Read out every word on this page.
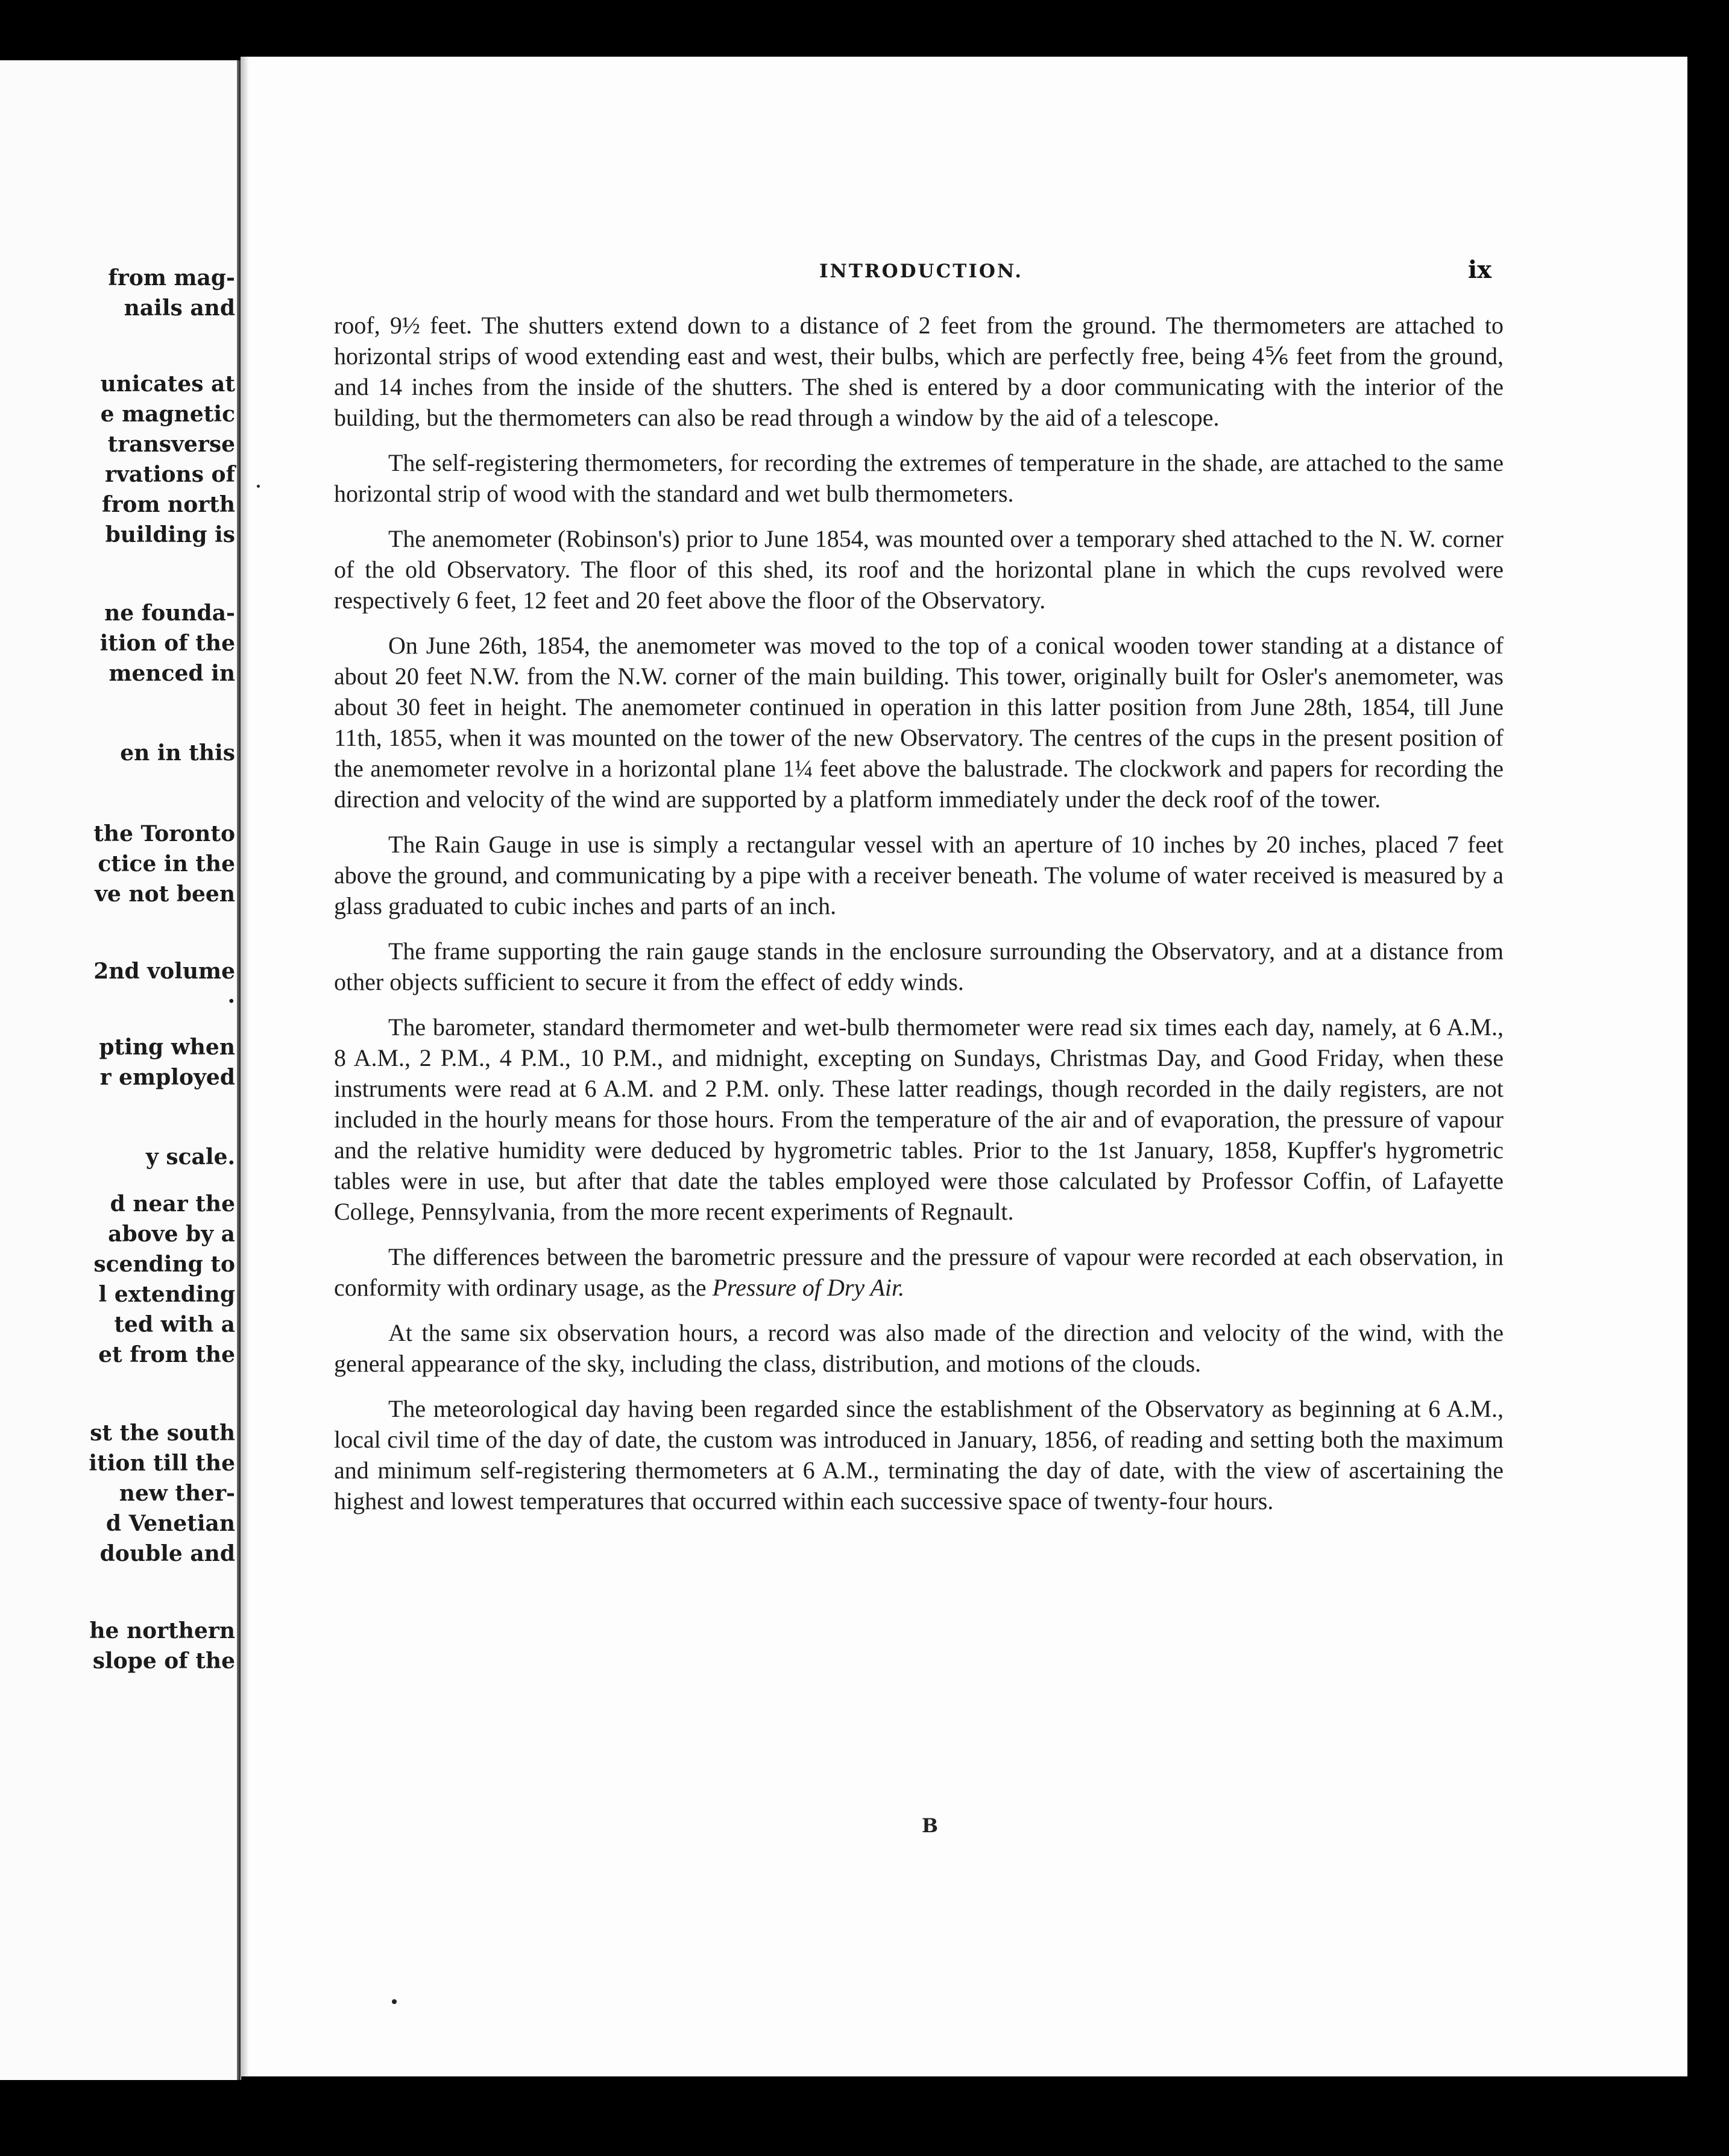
from mag-
nails and
unicates at
e magnetic
transverse
rvations of
from north
building is
ne founda-
ition of the
menced in
en in this
the Toronto
ctice in the
ve not been
2nd volume
·
pting when
r employed
y scale.
d near the
above by a
scending to
l extending
ted with a
et from the
st the south
ition till the
new ther-
d Venetian
double and
he northern
slope of the
INTRODUCTION.	ix

roof, 9½ feet. The shutters extend down to a distance of 2 feet from the ground. The thermometers are attached to horizontal strips of wood extending east and west, their bulbs, which are perfectly free, being 4⅚ feet from the ground, and 14 inches from the inside of the shutters. The shed is entered by a door communicating with the interior of the building, but the thermometers can also be read through a window by the aid of a telescope.

The self-registering thermometers, for recording the extremes of temperature in the shade, are attached to the same horizontal strip of wood with the standard and wet bulb thermometers.

The anemometer (Robinson's) prior to June 1854, was mounted over a temporary shed attached to the N. W. corner of the old Observatory. The floor of this shed, its roof and the horizontal plane in which the cups revolved were respectively 6 feet, 12 feet and 20 feet above the floor of the Observatory.

On June 26th, 1854, the anemometer was moved to the top of a conical wooden tower standing at a distance of about 20 feet N.W. from the N.W. corner of the main building. This tower, originally built for Osler's anemometer, was about 30 feet in height. The anemometer continued in operation in this latter position from June 28th, 1854, till June 11th, 1855, when it was mounted on the tower of the new Observatory. The centres of the cups in the present position of the anemometer revolve in a horizontal plane 1¼ feet above the balustrade. The clockwork and papers for recording the direction and velocity of the wind are supported by a platform immediately under the deck roof of the tower.

The Rain Gauge in use is simply a rectangular vessel with an aperture of 10 inches by 20 inches, placed 7 feet above the ground, and communicating by a pipe with a receiver beneath. The volume of water received is measured by a glass graduated to cubic inches and parts of an inch.

The frame supporting the rain gauge stands in the enclosure surrounding the Observatory, and at a distance from other objects sufficient to secure it from the effect of eddy winds.

The barometer, standard thermometer and wet-bulb thermometer were read six times each day, namely, at 6 A.M., 8 A.M., 2 P.M., 4 P.M., 10 P.M., and midnight, excepting on Sundays, Christmas Day, and Good Friday, when these instruments were read at 6 A.M. and 2 P.M. only. These latter readings, though recorded in the daily registers, are not included in the hourly means for those hours. From the temperature of the air and of evaporation, the pressure of vapour and the relative humidity were deduced by hygrometric tables. Prior to the 1st January, 1858, Kupffer's hygrometric tables were in use, but after that date the tables employed were those calculated by Professor Coffin, of Lafayette College, Pennsylvania, from the more recent experiments of Regnault.

The differences between the barometric pressure and the pressure of vapour were recorded at each observation, in conformity with ordinary usage, as the Pressure of Dry Air.

At the same six observation hours, a record was also made of the direction and velocity of the wind, with the general appearance of the sky, including the class, distribution, and motions of the clouds.

The meteorological day having been regarded since the establishment of the Observatory as beginning at 6 A.M., local civil time of the day of date, the custom was introduced in January, 1856, of reading and setting both the maximum and minimum self-registering thermometers at 6 A.M., terminating the day of date, with the view of ascertaining the highest and lowest temperatures that occurred within each successive space of twenty-four hours.

B
